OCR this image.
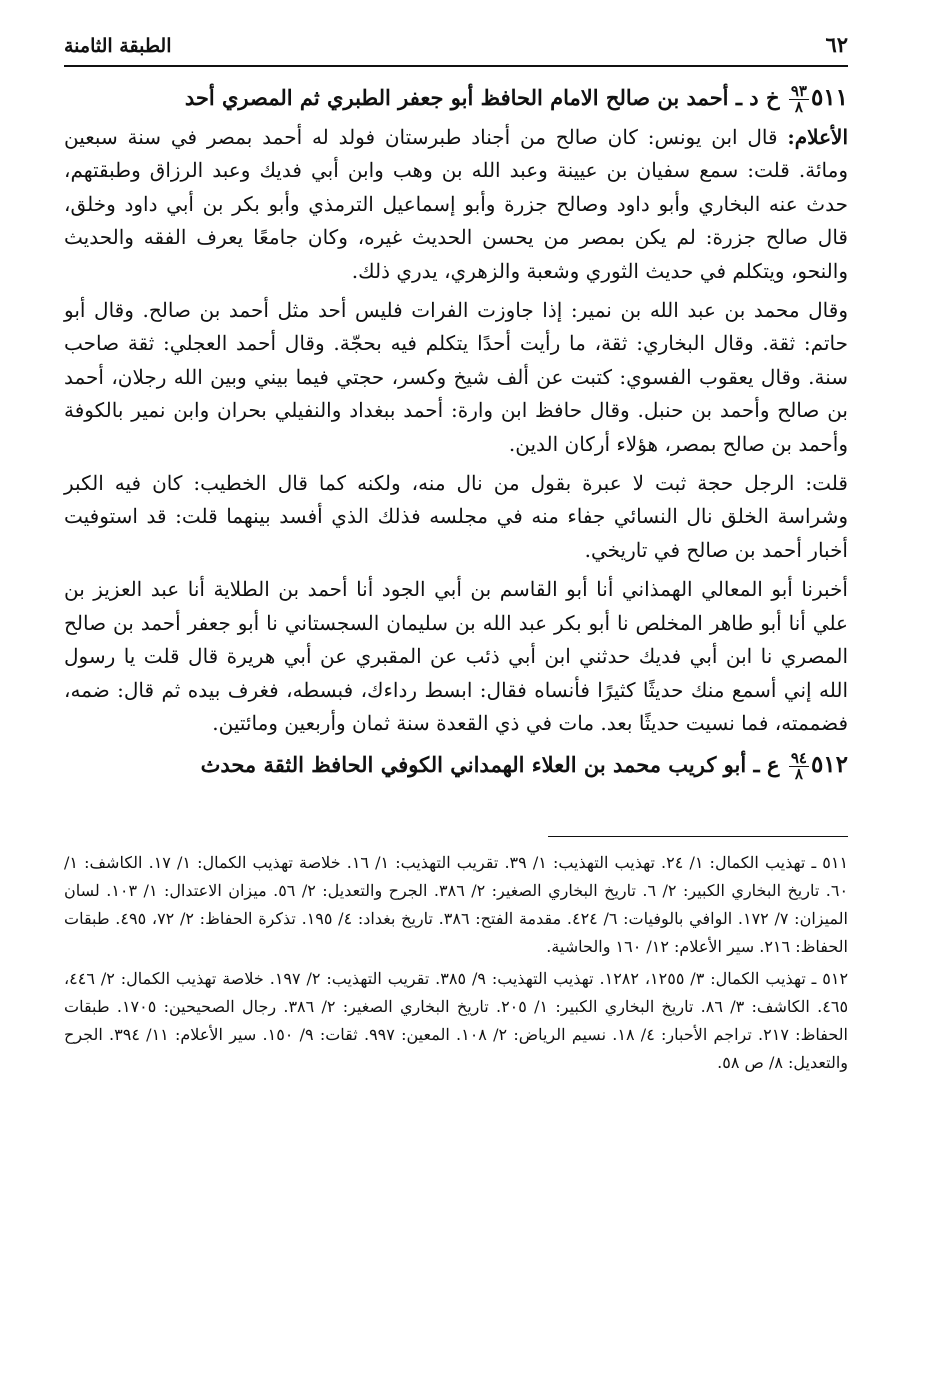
٦٢
الطبقة الثامنة
٥١١
$\frac{٩٣}{٨}$
خ د ـ أحمد بن صالح الامام الحافظ أبو جعفر الطبري ثم المصري أحد

الأعلام: قال ابن يونس: كان صالح من أجناد طبرستان فولد له أحمد بمصر في سنة سبعين ومائة. قلت: سمع سفيان بن عيينة وعبد الله بن وهب وابن أبي فديك وعبد الرزاق وطبقتهم، حدث عنه البخاري وأبو داود وصالح جزرة وأبو إسماعيل الترمذي وأبو بكر بن أبي داود وخلق، قال صالح جزرة: لم يكن بمصر من يحسن الحديث غيره، وكان جامعًا يعرف الفقه والحديث والنحو، ويتكلم في حديث الثوري وشعبة والزهري، يدري ذلك.

وقال محمد بن عبد الله بن نمير: إذا جاوزت الفرات فليس أحد مثل أحمد بن صالح. وقال أبو حاتم: ثقة. وقال البخاري: ثقة، ما رأيت أحدًا يتكلم فيه بحجّة. وقال أحمد العجلي: ثقة صاحب سنة. وقال يعقوب الفسوي: كتبت عن ألف شيخ وكسر، حجتي فيما بيني وبين الله رجلان، أحمد بن صالح وأحمد بن حنبل. وقال حافظ ابن وارة: أحمد ببغداد والنفيلي بحران وابن نمير بالكوفة وأحمد بن صالح بمصر، هؤلاء أركان الدين.

قلت: الرجل حجة ثبت لا عبرة بقول من نال منه، ولكنه كما قال الخطيب: كان فيه الكبر وشراسة الخلق نال النسائي جفاء منه في مجلسه فذلك الذي أفسد بينهما قلت: قد استوفيت أخبار أحمد بن صالح في تاريخي.

أخبرنا أبو المعالي الهمذاني أنا أبو القاسم بن أبي الجود أنا أحمد بن الطلاية أنا عبد العزيز بن علي أنا أبو طاهر المخلص نا أبو بكر عبد الله بن سليمان السجستاني نا أبو جعفر أحمد بن صالح المصري نا ابن أبي فديك حدثني ابن أبي ذئب عن المقبري عن أبي هريرة قال قلت يا رسول الله إني أسمع منك حديثًا كثيرًا فأنساه فقال: ابسط رداءك، فبسطه، فغرف بيده ثم قال: ضمه، فضممته، فما نسيت حديثًا بعد. مات في ذي القعدة سنة ثمان وأربعين ومائتين.

٥١٢
$\frac{٩٤}{٨}$
ع ـ أبو كريب محمد بن العلاء الهمداني الكوفي الحافظ الثقة محدث

٥١١ ـ تهذيب الكمال: ١/ ٢٤. تهذيب التهذيب: ١/ ٣٩. تقريب التهذيب: ١/ ١٦. خلاصة تهذيب الكمال: ١/ ١٧. الكاشف: ١/ ٦٠. تاريخ البخاري الكبير: ٢/ ٦. تاريخ البخاري الصغير: ٢/ ٣٨٦. الجرح والتعديل: ٢/ ٥٦. ميزان الاعتدال: ١/ ١٠٣. لسان الميزان: ٧/ ١٧٢. الوافي بالوفيات: ٦/ ٤٢٤. مقدمة الفتح: ٣٨٦. تاريخ بغداد: ٤/ ١٩٥. تذكرة الحفاظ: ٢/ ٧٢، ٤٩٥. طبقات الحفاظ: ٢١٦. سير الأعلام: ١٢/ ١٦٠ والحاشية.

٥١٢ ـ تهذيب الكمال: ٣/ ١٢٥٥، ١٢٨٢. تهذيب التهذيب: ٩/ ٣٨٥. تقريب التهذيب: ٢/ ١٩٧. خلاصة تهذيب الكمال: ٢/ ٤٤٦، ٤٦٥. الكاشف: ٣/ ٨٦. تاريخ البخاري الكبير: ١/ ٢٠٥. تاريخ البخاري الصغير: ٢/ ٣٨٦. رجال الصحيحين: ١٧٠٥. طبقات الحفاظ: ٢١٧. تراجم الأحبار: ٤/ ١٨. نسيم الرياض: ٢/ ١٠٨. المعين: ٩٩٧. ثقات: ٩/ ١٥٠. سير الأعلام: ١١/ ٣٩٤. الجرح والتعديل: ٨/ ص ٥٨.
